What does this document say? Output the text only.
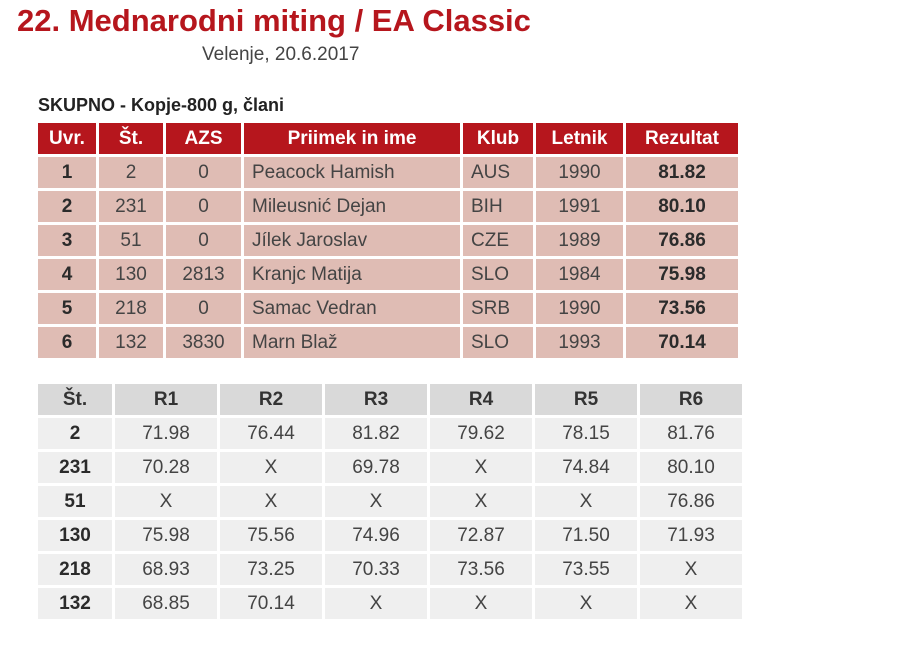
22. Mednarodni miting / EA Classic
Velenje, 20.6.2017
SKUPNO - Kopje-800 g, člani
Uvr.	Št.	AZS	Priimek in ime	Klub	Letnik	Rezultat
1	2	0	Peacock Hamish	AUS	1990	81.82
2	231	0	Mileusnić Dejan	BIH	1991	80.10
3	51	0	Jílek Jaroslav	CZE	1989	76.86
4	130	2813	Kranjc Matija	SLO	1984	75.98
5	218	0	Samac Vedran	SRB	1990	73.56
6	132	3830	Marn Blaž	SLO	1993	70.14
Št.	R1	R2	R3	R4	R5	R6
2	71.98	76.44	81.82	79.62	78.15	81.76
231	70.28	X	69.78	X	74.84	80.10
51	X	X	X	X	X	76.86
130	75.98	75.56	74.96	72.87	71.50	71.93
218	68.93	73.25	70.33	73.56	73.55	X
132	68.85	70.14	X	X	X	X
